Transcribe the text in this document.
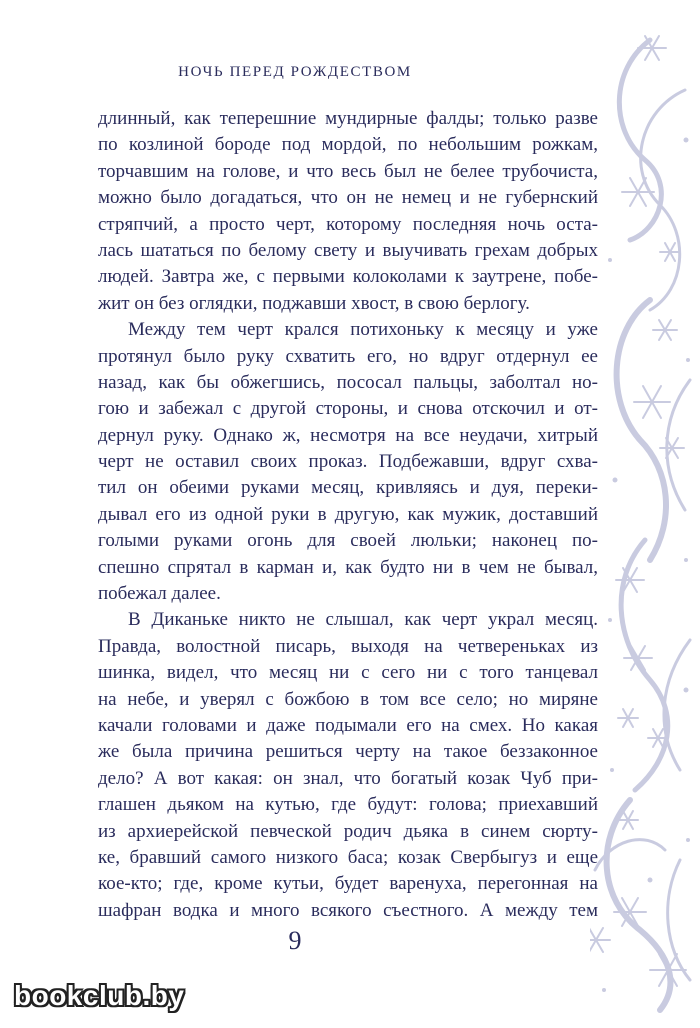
НОЧЬ ПЕРЕД РОЖДЕСТВОМ
длинный, как теперешние мундирные фалды; только разве
по козлиной бороде под мордой, по небольшим рожкам,
торчавшим на голове, и что весь был не белее трубочиста,
можно было догадаться, что он не немец и не губернский
стряпчий, а просто черт, которому последняя ночь оста-
лась шататься по белому свету и выучивать грехам добрых
людей. Завтра же, с первыми колоколами к заутрене, побе-
жит он без оглядки, поджавши хвост, в свою берлогу.
Между тем черт крался потихоньку к месяцу и уже
протянул было руку схватить его, но вдруг отдернул ее
назад, как бы обжегшись, пососал пальцы, заболтал но-
гою и забежал с другой стороны, и снова отскочил и от-
дернул руку. Однако ж, несмотря на все неудачи, хитрый
черт не оставил своих проказ. Подбежавши, вдруг схва-
тил он обеими руками месяц, кривляясь и дуя, переки-
дывал его из одной руки в другую, как мужик, доставший
голыми руками огонь для своей люльки; наконец по-
спешно спрятал в карман и, как будто ни в чем не бывал,
побежал далее.
В Диканьке никто не слышал, как черт украл месяц.
Правда, волостной писарь, выходя на четвереньках из
шинка, видел, что месяц ни с сего ни с того танцевал
на небе, и уверял с божбою в том все село; но миряне
качали головами и даже подымали его на смех. Но какая
же была причина решиться черту на такое беззаконное
дело? А вот какая: он знал, что богатый козак Чуб при-
глашен дьяком на кутью, где будут: голова; приехавший
из архиерейской певческой родич дьяка в синем сюрту-
ке, бравший самого низкого баса; козак Свербыгуз и еще
кое-кто; где, кроме кутьи, будет варенуха, перегонная на
шафран водка и много всякого съестного. А между тем
9
bookclub.by
